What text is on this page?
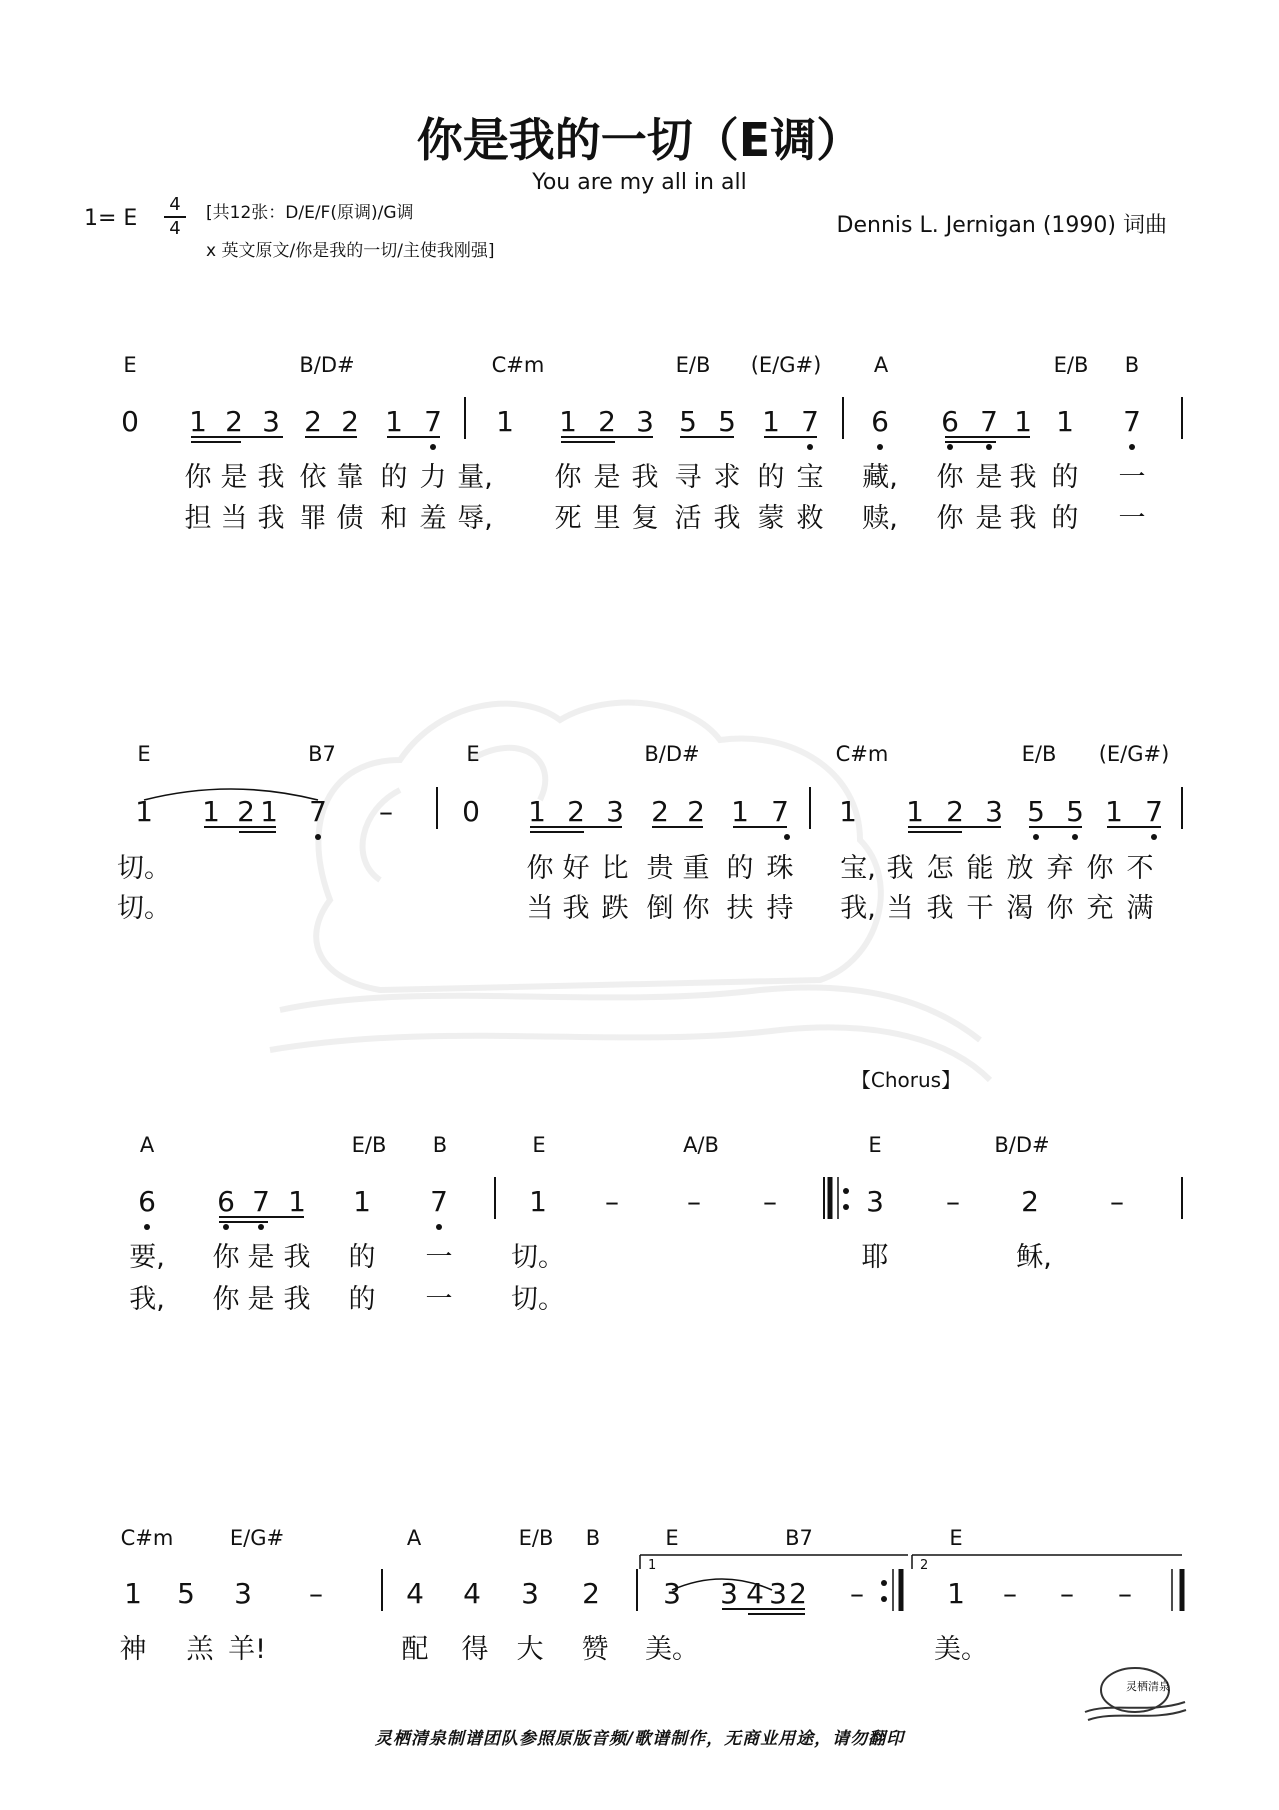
你是我的一切（E调）
You are my all in all
1= E
4
4
[共12张：D/E/F(原调)/G调
x 英文原文/你是我的一切/主使我刚强]
Dennis L. Jernigan (1990) 词曲
E	B/D#	C#m	E/B (E/G#)	A	E/B B
0 1 2 3 2 2 1 7 1 1 2 3 5 5 1 7 6 6 7 1 1 7
你 是 我 依 靠 的 力 量, 你 是 我 寻 求 的 宝 藏, 你 是 我 的 一
担 当 我 罪 债 和 羞 辱, 死 里 复 活 我 蒙 救 赎, 你 是 我 的 一
E	B7	E	B/D#	C#m	E/B (E/G#)
1 1 2 1 7 – 0 1 2 3 2 2 1 7 1 1 2 3 5 5 1 7
切。	你 好 比 贵 重 的 珠 宝, 我 怎 能 放 弃 你 不
切。	当 我 跌 倒 你 扶 持 我, 当 我 干 渴 你 充 满
【Chorus】
A	E/B B	E	A/B	E	B/D#
6 6 7 1 1 7	1 – – –	3 – 2	–
要, 你 是 我 的 一 切。	耶	稣,
我, 你 是 我 的 一 切。
C#m	E/G#	A	E/B B	E	B7	E
1 5 3 –	4 4 3 2 3 3 4 3 2 –	1 – – –
1	2
神 羔 羊!	配 得 大 赞 美。	美。
灵栖清泉
灵栖清泉制谱团队参照原版音频/歌谱制作，无商业用途，请勿翻印
